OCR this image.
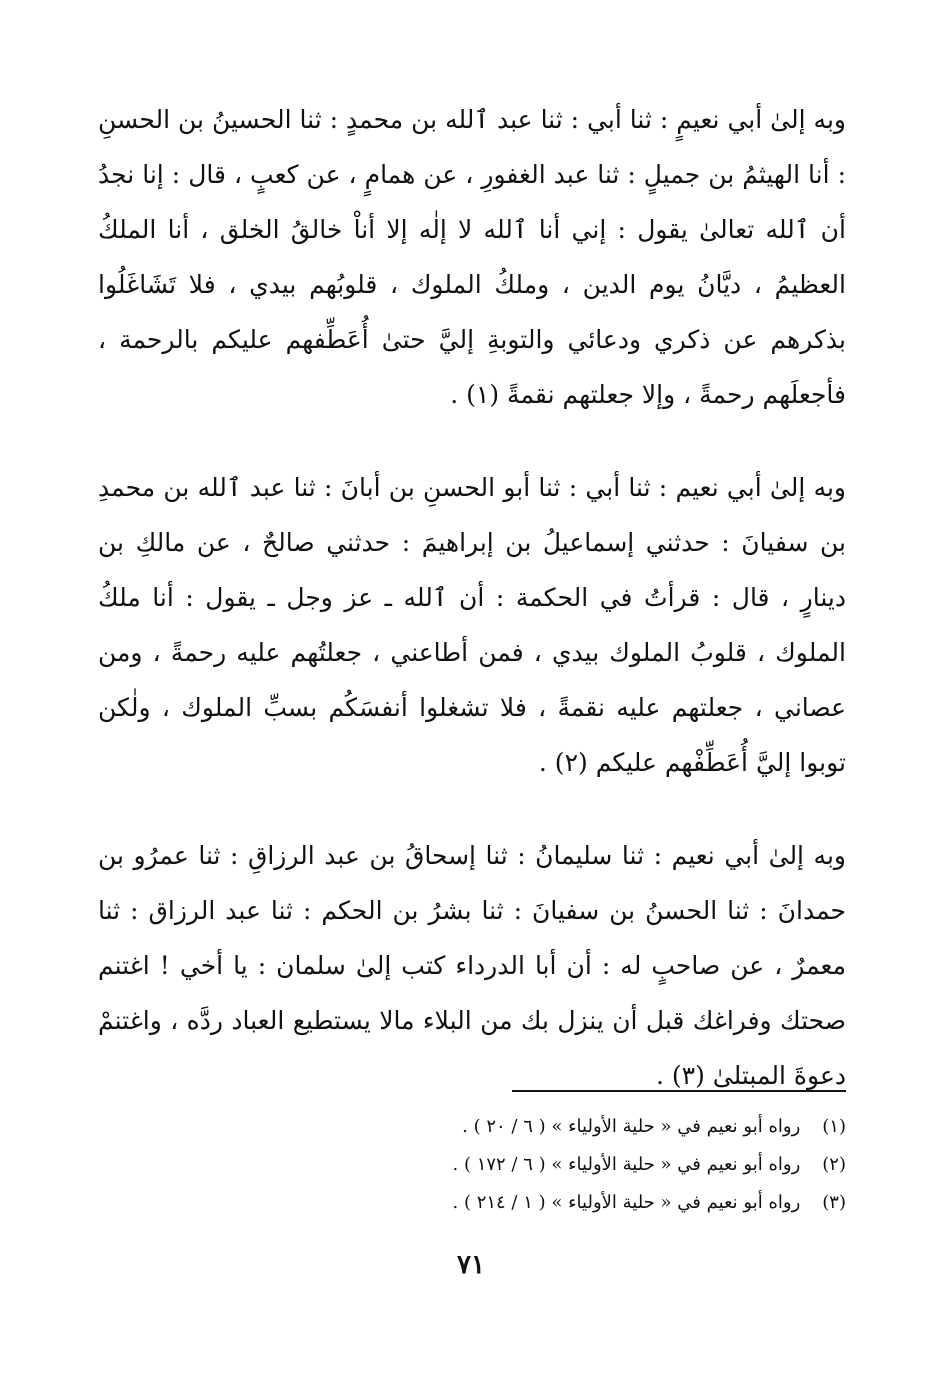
وبه إلىٰ أبي نعيمٍ : ثنا أبي : ثنا عبد ٱلله بن محمدٍ : ثنا الحسينُ بن الحسنِ : أنا الهيثمُ بن جميلٍ : ثنا عبد الغفورِ ، عن همامٍ ، عن كعبٍ ، قال : إنا نجدُ أن ٱلله تعالىٰ يقول : إني أنا ٱلله لا إلٰه إلا أناْ خالقُ الخلق ، أنا الملكُ العظيمُ ، ديَّانُ يوم الدين ، وملكُ الملوك ، قلوبُهم بيدي ، فلا تَشَاغَلُوا بذكرهم عن ذكري ودعائي والتوبةِ إليَّ حتىٰ أُعَطِّفهم عليكم بالرحمة ، فأجعلَهم رحمةً ، وإلا جعلتهم نقمةً (١) .

وبه إلىٰ أبي نعيم : ثنا أبي : ثنا أبو الحسنِ بن أبانَ : ثنا عبد ٱلله بن محمدِ بن سفيانَ : حدثني إسماعيلُ بن إبراهيمَ : حدثني صالحٌ ، عن مالكِ بن دينارٍ ، قال : قرأتُ في الحكمة : أن ٱلله ـ عز وجل ـ يقول : أنا ملكُ الملوك ، قلوبُ الملوك بيدي ، فمن أطاعني ، جعلتُهم عليه رحمةً ، ومن عصاني ، جعلتهم عليه نقمةً ، فلا تشغلوا أنفسَكُم بسبِّ الملوك ، ولٰكن توبوا إليَّ أُعَطِّفْهم عليكم (٢) .

وبه إلىٰ أبي نعيم : ثنا سليمانُ : ثنا إسحاقُ بن عبد الرزاقِ : ثنا عمرُو بن حمدانَ : ثنا الحسنُ بن سفيانَ : ثنا بشرُ بن الحكم : ثنا عبد الرزاق : ثنا معمرٌ ، عن صاحبٍ له : أن أبا الدرداء كتب إلىٰ سلمان : يا أخي ! اغتنم صحتك وفراغك قبل أن ينزل بك من البلاء مالا يستطيع العباد ردَّه ، واغتنمْ دعوةَ المبتلىٰ (٣) .

(١) رواه أبو نعيم في « حلية الأولياء » ( ٦ / ٢٠ ) .
(٢) رواه أبو نعيم في « حلية الأولياء » ( ٦ / ١٧٢ ) .
(٣) رواه أبو نعيم في « حلية الأولياء » ( ١ / ٢١٤ ) .
٧١
